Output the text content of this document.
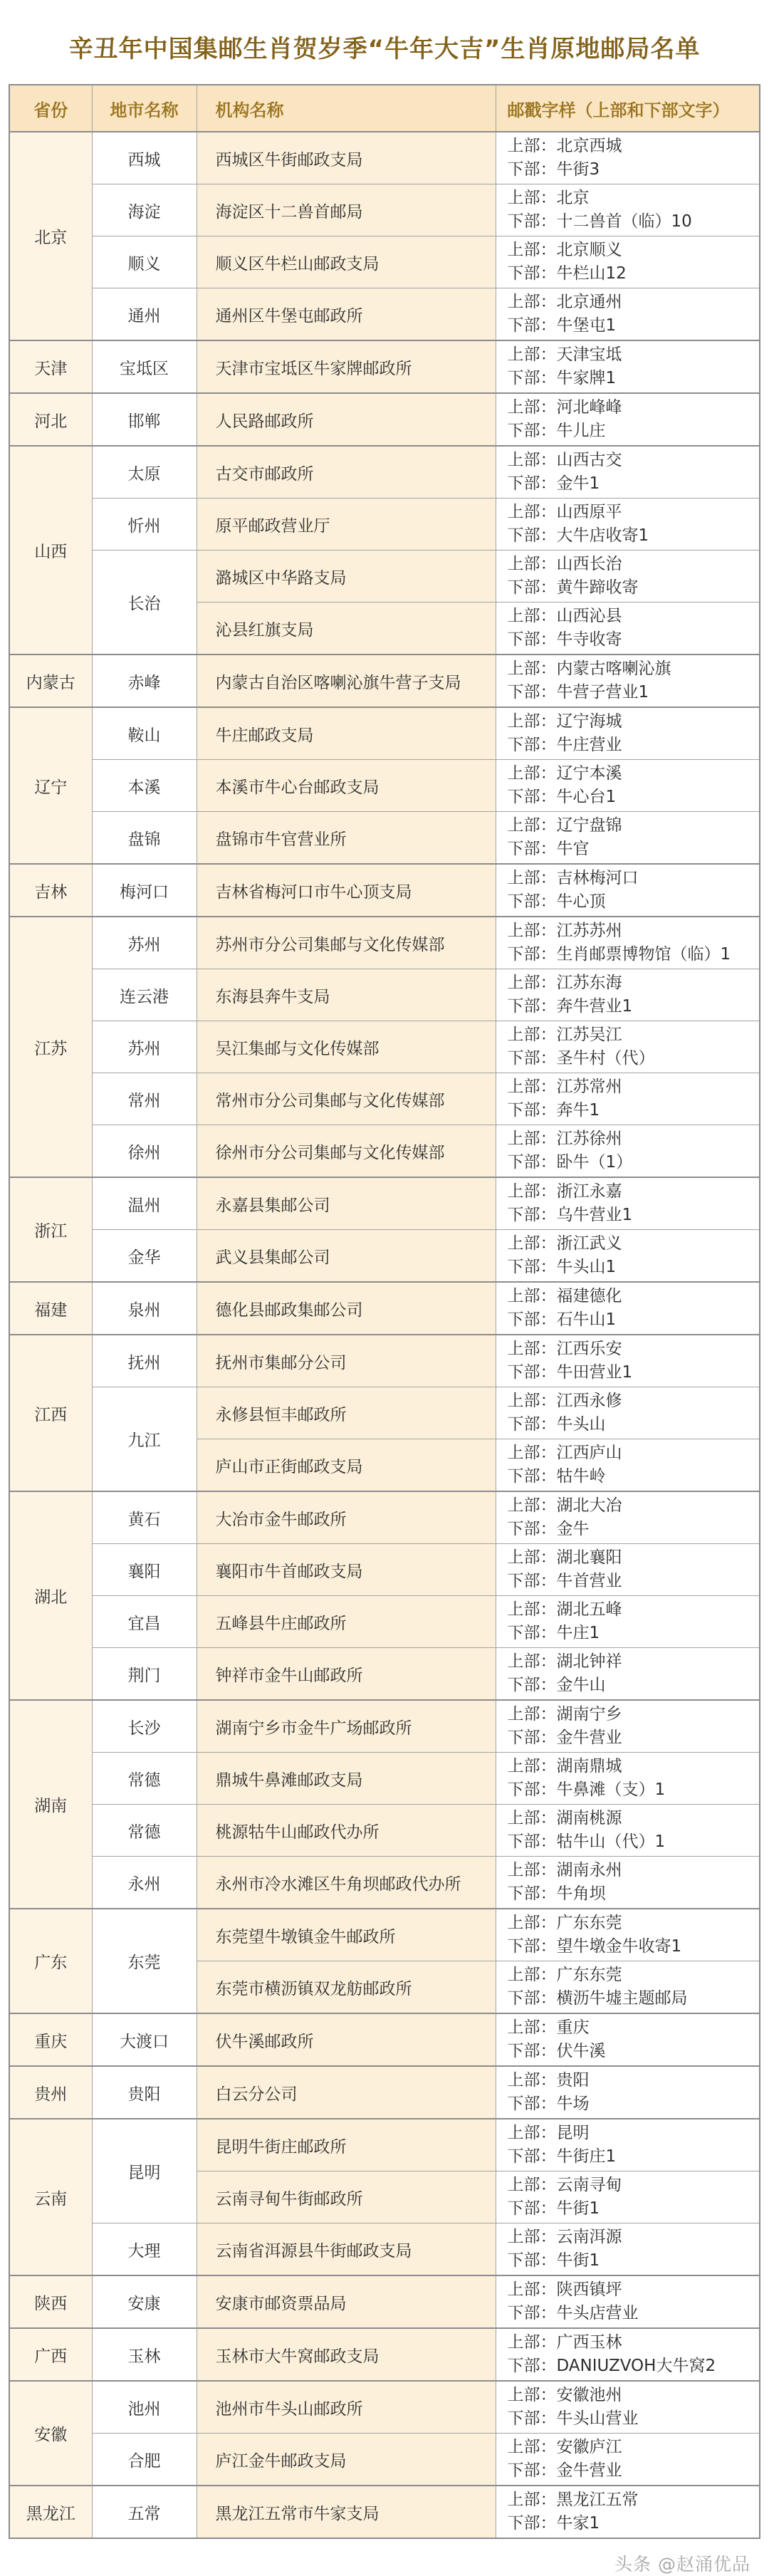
辛丑年中国集邮生肖贺岁季“牛年大吉”生肖原地邮局名单
省份	地市名称	机构名称	邮戳字样（上部和下部文字）
北京	西城	西城区牛街邮政支局	上部：北京西城
下部：牛街3

	海淀	海淀区十二兽首邮局	上部：北京
下部：十二兽首（临）10

	顺义	顺义区牛栏山邮政支局	上部：北京顺义
下部：牛栏山12

	通州	通州区牛堡屯邮政所	上部：北京通州
下部：牛堡屯1

天津	宝坻区	天津市宝坻区牛家牌邮政所	上部：天津宝坻
下部：牛家牌1

河北	邯郸	人民路邮政所	上部：河北峰峰
下部：牛儿庄

山西	太原	古交市邮政所	上部：山西古交
下部：金牛1

	忻州	原平邮政营业厅	上部：山西原平
下部：大牛店收寄1

	长治	潞城区中华路支局	上部：山西长治
下部：黄牛蹄收寄

		沁县红旗支局	上部：山西沁县
下部：牛寺收寄

内蒙古	赤峰	内蒙古自治区喀喇沁旗牛营子支局	上部：内蒙古喀喇沁旗
下部：牛营子营业1

辽宁	鞍山	牛庄邮政支局	上部：辽宁海城
下部：牛庄营业

	本溪	本溪市牛心台邮政支局	上部：辽宁本溪
下部：牛心台1

	盘锦	盘锦市牛官营业所	上部：辽宁盘锦
下部：牛官

吉林	梅河口	吉林省梅河口市牛心顶支局	上部：吉林梅河口
下部：牛心顶

江苏	苏州	苏州市分公司集邮与文化传媒部	上部：江苏苏州
下部：生肖邮票博物馆（临）1

	连云港	东海县奔牛支局	上部：江苏东海
下部：奔牛营业1

	苏州	吴江集邮与文化传媒部	上部：江苏吴江
下部：圣牛村（代）

	常州	常州市分公司集邮与文化传媒部	上部：江苏常州
下部：奔牛1

	徐州	徐州市分公司集邮与文化传媒部	上部：江苏徐州
下部：卧牛（1）

浙江	温州	永嘉县集邮公司	上部：浙江永嘉
下部：乌牛营业1

	金华	武义县集邮公司	上部：浙江武义
下部：牛头山1

福建	泉州	德化县邮政集邮公司	上部：福建德化
下部：石牛山1

江西	抚州	抚州市集邮分公司	上部：江西乐安
下部：牛田营业1

	九江	永修县恒丰邮政所	上部：江西永修
下部：牛头山

		庐山市正街邮政支局	上部：江西庐山
下部：牯牛岭

湖北	黄石	大冶市金牛邮政所	上部：湖北大冶
下部：金牛

	襄阳	襄阳市牛首邮政支局	上部：湖北襄阳
下部：牛首营业

	宜昌	五峰县牛庄邮政所	上部：湖北五峰
下部：牛庄1

	荆门	钟祥市金牛山邮政所	上部：湖北钟祥
下部：金牛山

湖南	长沙	湖南宁乡市金牛广场邮政所	上部：湖南宁乡
下部：金牛营业

	常德	鼎城牛鼻滩邮政支局	上部：湖南鼎城
下部：牛鼻滩（支）1

	常德	桃源牯牛山邮政代办所	上部：湖南桃源
下部：牯牛山（代）1

	永州	永州市冷水滩区牛角坝邮政代办所	上部：湖南永州
下部：牛角坝

广东	东莞	东莞望牛墩镇金牛邮政所	上部：广东东莞
下部：望牛墩金牛收寄1

		东莞市横沥镇双龙舫邮政所	上部：广东东莞
下部：横沥牛墟主题邮局

重庆	大渡口	伏牛溪邮政所	上部：重庆
下部：伏牛溪

贵州	贵阳	白云分公司	上部：贵阳
下部：牛场

云南	昆明	昆明牛街庄邮政所	上部：昆明
下部：牛街庄1

		云南寻甸牛街邮政所	上部：云南寻甸
下部：牛街1

	大理	云南省洱源县牛街邮政支局	上部：云南洱源
下部：牛街1

陕西	安康	安康市邮资票品局	上部：陕西镇坪
下部：牛头店营业

广西	玉林	玉林市大牛窝邮政支局	上部：广西玉林
下部：DANIUZVOH大牛窝2

安徽	池州	池州市牛头山邮政所	上部：安徽池州
下部：牛头山营业

	合肥	庐江金牛邮政支局	上部：安徽庐江
下部：金牛营业

黑龙江	五常	黑龙江五常市牛家支局	上部：黑龙江五常
下部：牛家1
头条 @赵涌优品
